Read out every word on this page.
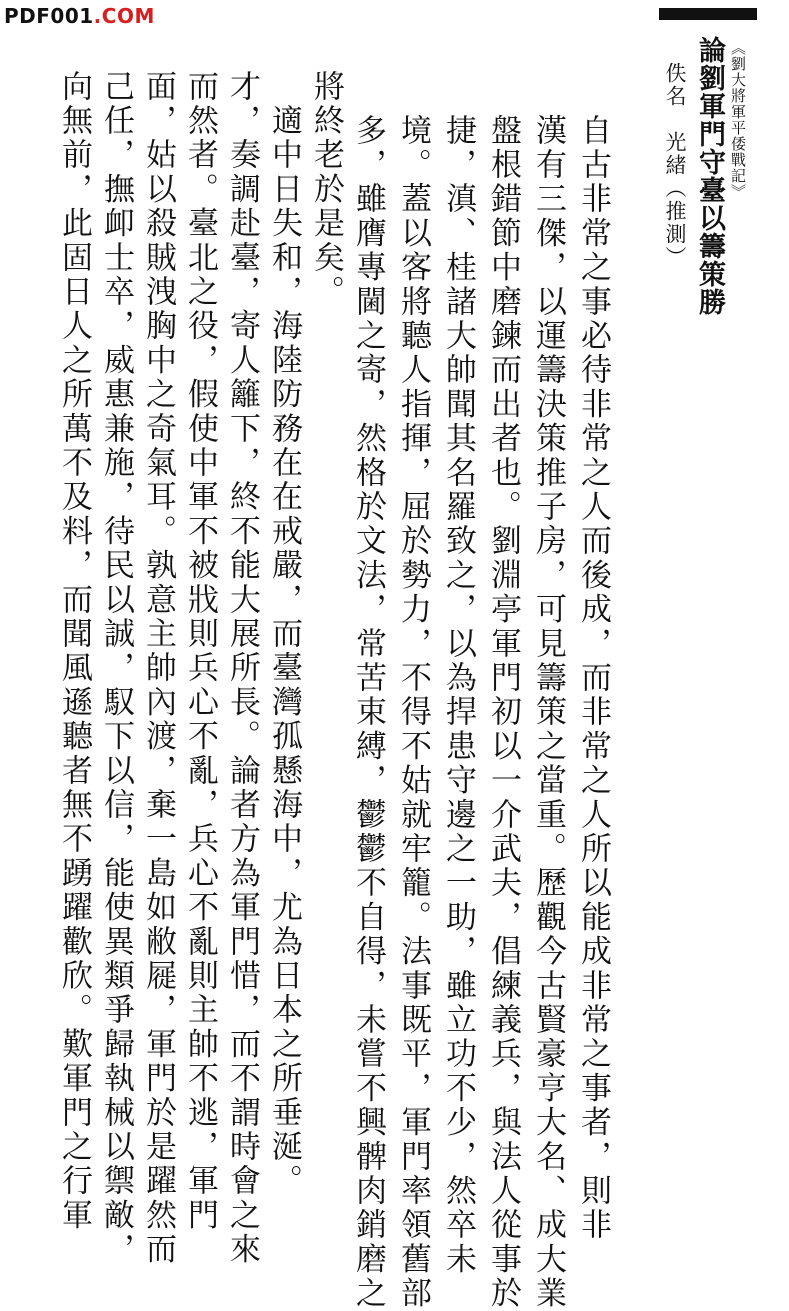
PDF001.COM
《劉大將軍平倭戰記》
論劉軍門守臺以籌策勝
佚名　光緒（推測）
自古非常之事必待非常之人而後成，而非常之人所以能成非常之事者，則非
漢有三傑，以運籌決策推子房，可見籌策之當重。歷觀今古賢豪亨大名、成大業
盤根錯節中磨鍊而出者也。劉淵亭軍門初以一介武夫，倡練義兵，與法人從事於
捷，滇、桂諸大帥聞其名羅致之，以為捍患守邊之一助，雖立功不少，然卒未
境。蓋以客將聽人指揮，屈於勢力，不得不姑就牢籠。法事既平，軍門率領舊部
多，雖膺專閫之寄，然格於文法，常苦束縛，鬱鬱不自得，未嘗不興髀肉銷磨之
將終老於是矣。
　適中日失和，海陸防務在在戒嚴，而臺灣孤懸海中，尤為日本之所垂涎。
才，奏調赴臺，寄人籬下，終不能大展所長。論者方為軍門惜，而不謂時會之來
而然者。臺北之役，假使中軍不被戕則兵心不亂，兵心不亂則主帥不逃，軍門
面，姑以殺賊洩胸中之奇氣耳。孰意主帥內渡，棄一島如敝屣，軍門於是躍然而
己任，撫卹士卒，威惠兼施，待民以誠，馭下以信，能使異類爭歸執械以禦敵，
向無前，此固日人之所萬不及料，而聞風遜聽者無不踴躍歡欣。歎軍門之行軍
